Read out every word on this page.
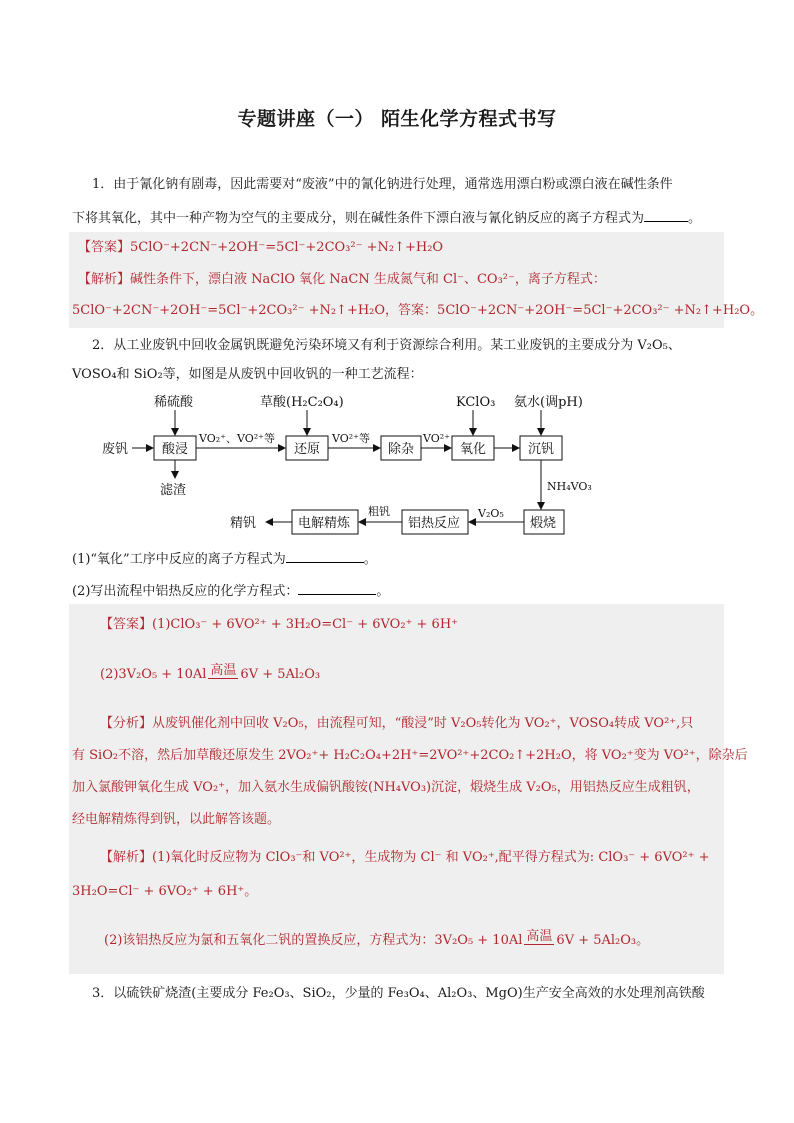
专题讲座（一） 陌生化学方程式书写
1．由于氰化钠有剧毒，因此需要对“废液”中的氰化钠进行处理，通常选用漂白粉或漂白液在碱性条件
下将其氧化，其中一种产物为空气的主要成分，则在碱性条件下漂白液与氰化钠反应的离子方程式为	。
【答案】5ClO⁻+2CN⁻+2OH⁻=5Cl⁻+2CO₃²⁻ +N₂↑+H₂O
【解析】碱性条件下，漂白液 NaClO 氧化 NaCN 生成氮气和 Cl⁻、CO₃²⁻，离子方程式：
5ClO⁻+2CN⁻+2OH⁻=5Cl⁻+2CO₃²⁻ +N₂↑+H₂O，答案：5ClO⁻+2CN⁻+2OH⁻=5Cl⁻+2CO₃²⁻ +N₂↑+H₂O。
2．从工业废钒中回收金属钒既避免污染环境又有利于资源综合利用。某工业废钒的主要成分为 V₂O₅、
VOSO₄和 SiO₂等，如图是从废钒中回收钒的一种工艺流程：
废钒
稀硫酸
酸浸
滤渣
VO₂⁺、VO²⁺等
草酸(H₂C₂O₄)
还原
VO²⁺等
除杂
VO²⁺
KClO₃
氧化
氨水(调pH)
沉钒
NH₄VO₃
煅烧
V₂O₅
铝热反应
粗钒
电解精炼
精钒
(1)“氧化”工序中反应的离子方程式为	。
(2)写出流程中铝热反应的化学方程式：	。
【答案】(1)ClO₃⁻ + 6VO²⁺ + 3H₂O=Cl⁻ + 6VO₂⁺ + 6H⁺
(2)3V₂O₅ + 10Al 高温 6V + 5Al₂O₃
【分析】从废钒催化剂中回收 V₂O₅，由流程可知，“酸浸”时 V₂O₅转化为 VO₂⁺，VOSO₄转成 VO²⁺,只
有 SiO₂不溶，然后加草酸还原发生 2VO₂⁺+ H₂C₂O₄+2H⁺=2VO²⁺+2CO₂↑+2H₂O，将 VO₂⁺变为 VO²⁺，除杂后
加入氯酸钾氧化生成 VO₂⁺，加入氨水生成偏钒酸铵(NH₄VO₃)沉淀，煅烧生成 V₂O₅，用铝热反应生成粗钒，
经电解精炼得到钒，以此解答该题。
【解析】(1)氧化时反应物为 ClO₃⁻和 VO²⁺，生成物为 Cl⁻ 和 VO₂⁺,配平得方程式为: ClO₃⁻ + 6VO²⁺ +
3H₂O=Cl⁻ + 6VO₂⁺ + 6H⁺。
(2)该铝热反应为氯和五氧化二钒的置换反应，方程式为：3V₂O₅ + 10Al 高温 6V + 5Al₂O₃。
3．以硫铁矿烧渣(主要成分 Fe₂O₃、SiO₂，少量的 Fe₃O₄、Al₂O₃、MgO)生产安全高效的水处理剂高铁酸
